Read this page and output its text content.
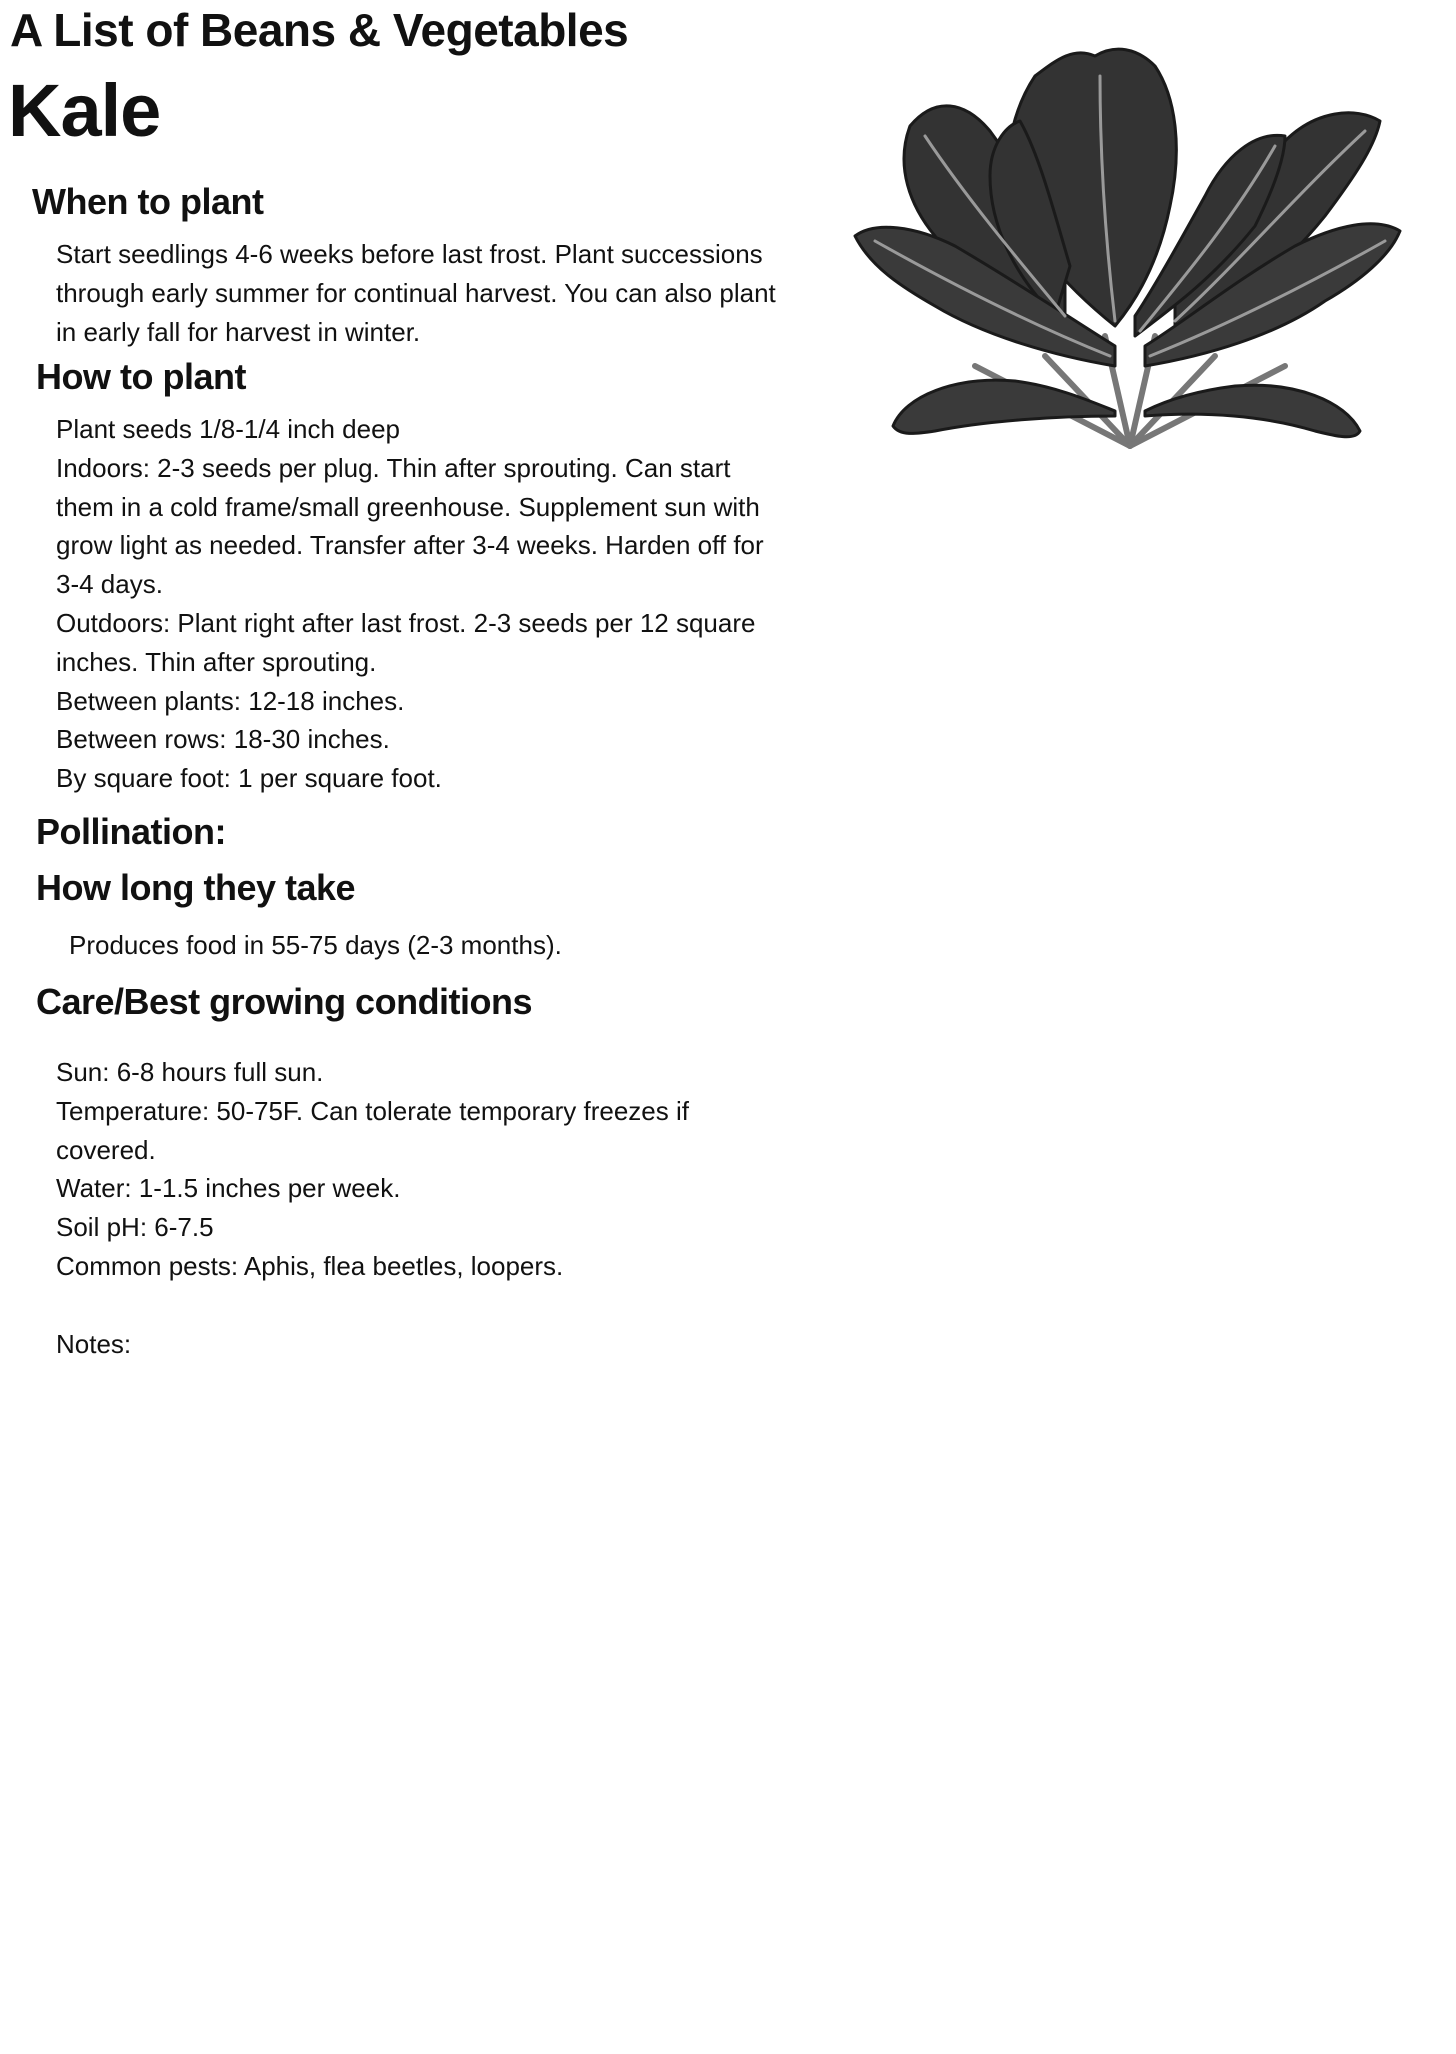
A List of Beans & Vegetables
Kale
When to plant
Start seedlings 4-6 weeks before last frost. Plant successions
through early summer for continual harvest. You can also plant
in early fall for harvest in winter.
How to plant
Plant seeds 1/8-1/4 inch deep
Indoors: 2-3 seeds per plug. Thin after sprouting. Can start
them in a cold frame/small greenhouse. Supplement sun with
grow light as needed. Transfer after 3-4 weeks. Harden off for
3-4 days.
Outdoors: Plant right after last frost. 2-3 seeds per 12 square
inches. Thin after sprouting.
Between plants: 12-18 inches.
Between rows: 18-30 inches.
By square foot: 1 per square foot.
Pollination:
How long they take
Produces food in 55-75 days (2-3 months).
Care/Best growing conditions
Sun: 6-8 hours full sun.
Temperature: 50-75F. Can tolerate temporary freezes if
covered.
Water: 1-1.5 inches per week.
Soil pH: 6-7.5
Common pests: Aphis, flea beetles, loopers.
Notes:
